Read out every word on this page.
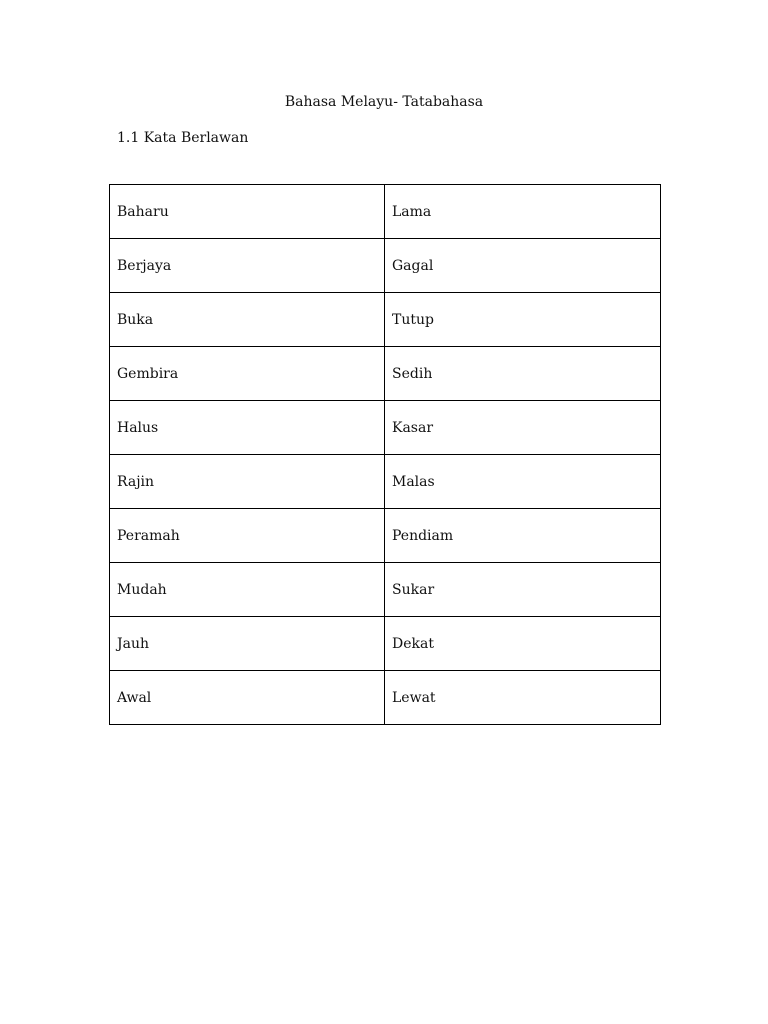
Bahasa Melayu- Tatabahasa
1.1 Kata Berlawan
Baharu	Lama
Berjaya	Gagal
Buka	Tutup
Gembira	Sedih
Halus	Kasar
Rajin	Malas
Peramah	Pendiam
Mudah	Sukar
Jauh	Dekat
Awal	Lewat
